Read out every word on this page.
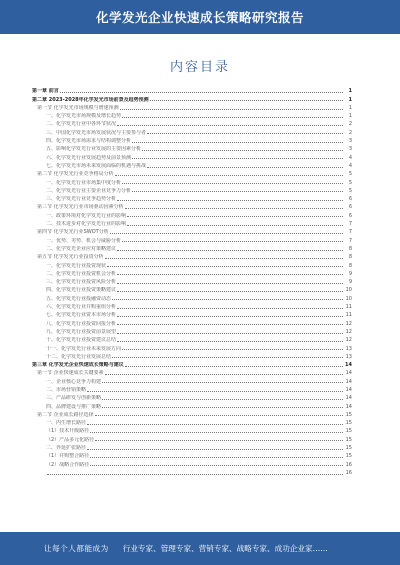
化学发光企业快速成长策略研究报告
内容目录
第一章 前言	1
第二章 2023-2028年化学发光市场前景及趋势预测	1
第一节 化学发光市场规模与增速预测	1
一、化学发光市场规模及增长趋势	1
二、化学发光行业中各环节状况	2
三、中国化学发光市场发展状况与主要参与者	2
四、化学发光市场需求与结构调整分析	3
五、影响化学发光行业发展的主要因素分析	3
六、化学发光行业发展趋势及前景预测	4
七、化学发光市场未来发展面临的机遇与挑战	4
第二节 化学发光行业竞争格局分析	5
一、化学发光行业市场集中度分析	5
二、化学发光行业主要企业竞争力分析	5
三、化学发光行业竞争趋势分析	6
第三节 化学发光行业市场驱动因素分析	6
一、政策环境对化学发光行业的影响	6
二、技术进步对化学发光行业的影响	7
第四节 化学发光行业SWOT分析	7
一、优势、劣势、机会与威胁分析	7
二、化学发光企业应对策略建议	8
第五节 化学发光行业投资分析	8
一、化学发光行业投资现状	8
二、化学发光行业投资机会分析	9
三、化学发光行业投资风险分析	9
四、化学发光行业投资策略建议	10
五、化学发光行业投融资动态	10
六、化学发光行业并购重组分析	11
七、化学发光行业资本市场分析	11
八、化学发光行业投资回报分析	12
九、化学发光行业投资前景展望	12
十、化学发光行业投资建议总结	12
十一、化学发光行业未来发展方向	13
十二、化学发光行业发展总结	13
第三章 化学发光企业快速成长策略与建议	14
第一节 企业快速成长关键要素	14
一、企业核心竞争力构建	14
二、市场营销策略	14
三、产品研发与创新策略	14
四、品牌建设与推广策略	14
第二节 企业成长路径选择	15
一、内生增长路径	15
（1）技术升级路径	15
（2）产品多元化路径	15
二、外延扩张路径	15
（1）并购整合路径	15
（2）战略合作路径	16
16
让每个人都能成为 行业专家、管理专家、营销专家、战略专家、成功企业家……
